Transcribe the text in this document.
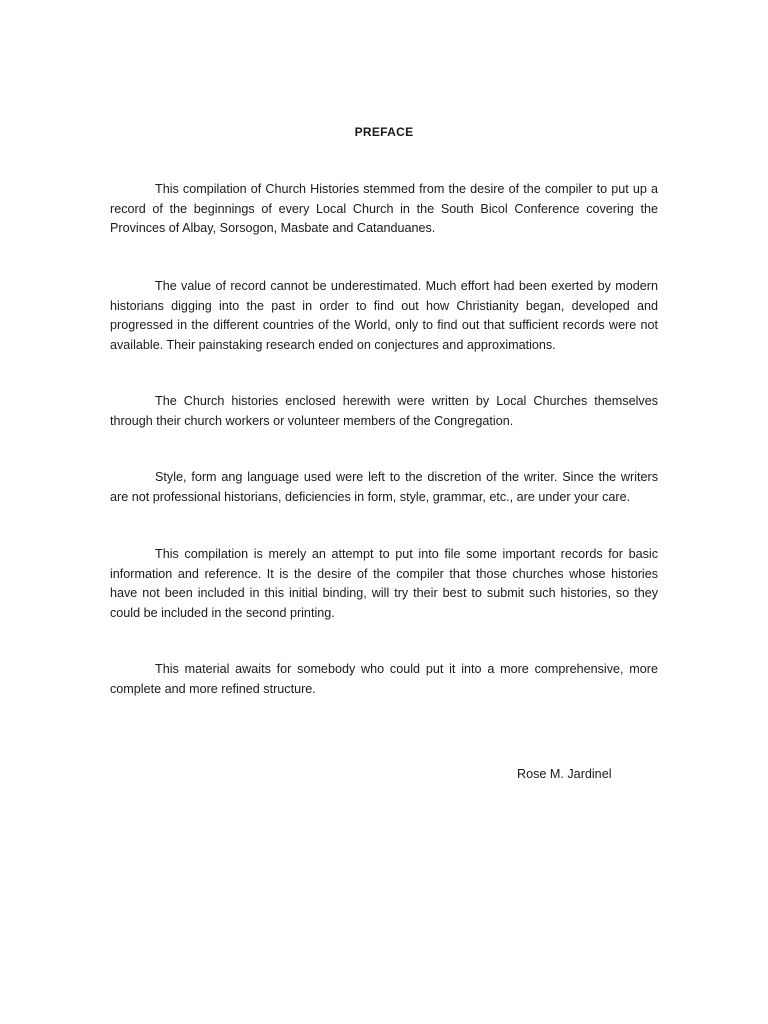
PREFACE

This compilation of Church Histories stemmed from the desire of the compiler to put up a record of the beginnings of every Local Church in the South Bicol Conference covering the Provinces of Albay, Sorsogon, Masbate and Catanduanes.

The value of record cannot be underestimated. Much effort had been exerted by modern historians digging into the past in order to find out how Christianity began, developed and progressed in the different countries of the World, only to find out that sufficient records were not available. Their painstaking research ended on conjectures and approximations.

The Church histories enclosed herewith were written by Local Churches themselves through their church workers or volunteer members of the Congregation.

Style, form ang language used were left to the discretion of the writer. Since the writers are not professional historians, deficiencies in form, style, grammar, etc., are under your care.

This compilation is merely an attempt to put into file some important records for basic information and reference. It is the desire of the compiler that those churches whose histories have not been included in this initial binding, will try their best to submit such histories, so they could be included in the second printing.

This material awaits for somebody who could put it into a more comprehensive, more complete and more refined structure.

Rose M. Jardinel
